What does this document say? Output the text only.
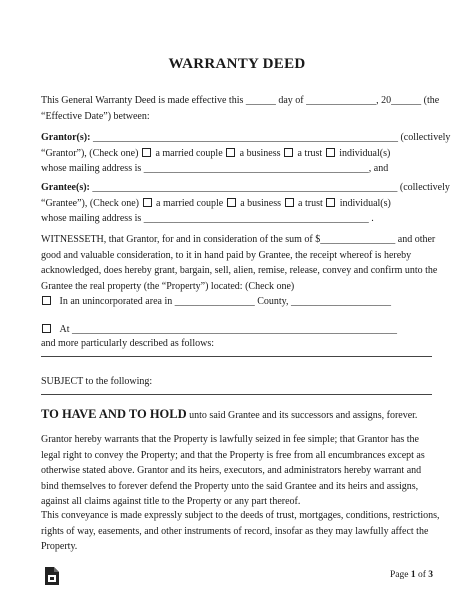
WARRANTY DEED
This General Warranty Deed is made effective this ______ day of ______________, 20______ (the
“Effective Date”) between:
Grantor(s): _____________________________________________________________ (collectively
“Grantor”), (Check one) a married couple a business a trust individual(s)
whose mailing address is _____________________________________________, and
Grantee(s): _____________________________________________________________ (collectively
“Grantee”), (Check one) a married couple a business a trust individual(s)
whose mailing address is _____________________________________________ .
WITNESSETH, that Grantor, for and in consideration of the sum of $_______________ and other
good and valuable consideration, to it in hand paid by Grantee, the receipt whereof is hereby
acknowledged, does hereby grant, bargain, sell, alien, remise, release, convey and confirm unto the
Grantee the real property (the “Property”) located: (Check one)
In an unincorporated area in ________________ County, ____________________
At _________________________________________________________________
and more particularly described as follows:
SUBJECT to the following:
TO HAVE AND TO HOLD unto said Grantee and its successors and assigns, forever.
Grantor hereby warrants that the Property is lawfully seized in fee simple; that Grantor has the
legal right to convey the Property; and that the Property is free from all encumbrances except as
otherwise stated above. Grantor and its heirs, executors, and administrators hereby warrant and
bind themselves to forever defend the Property unto the said Grantee and its heirs and assigns,
against all claims against title to the Property or any part thereof.
This conveyance is made expressly subject to the deeds of trust, mortgages, conditions, restrictions,
rights of way, easements, and other instruments of record, insofar as they may lawfully affect the
Property.
Page 1 of 3
